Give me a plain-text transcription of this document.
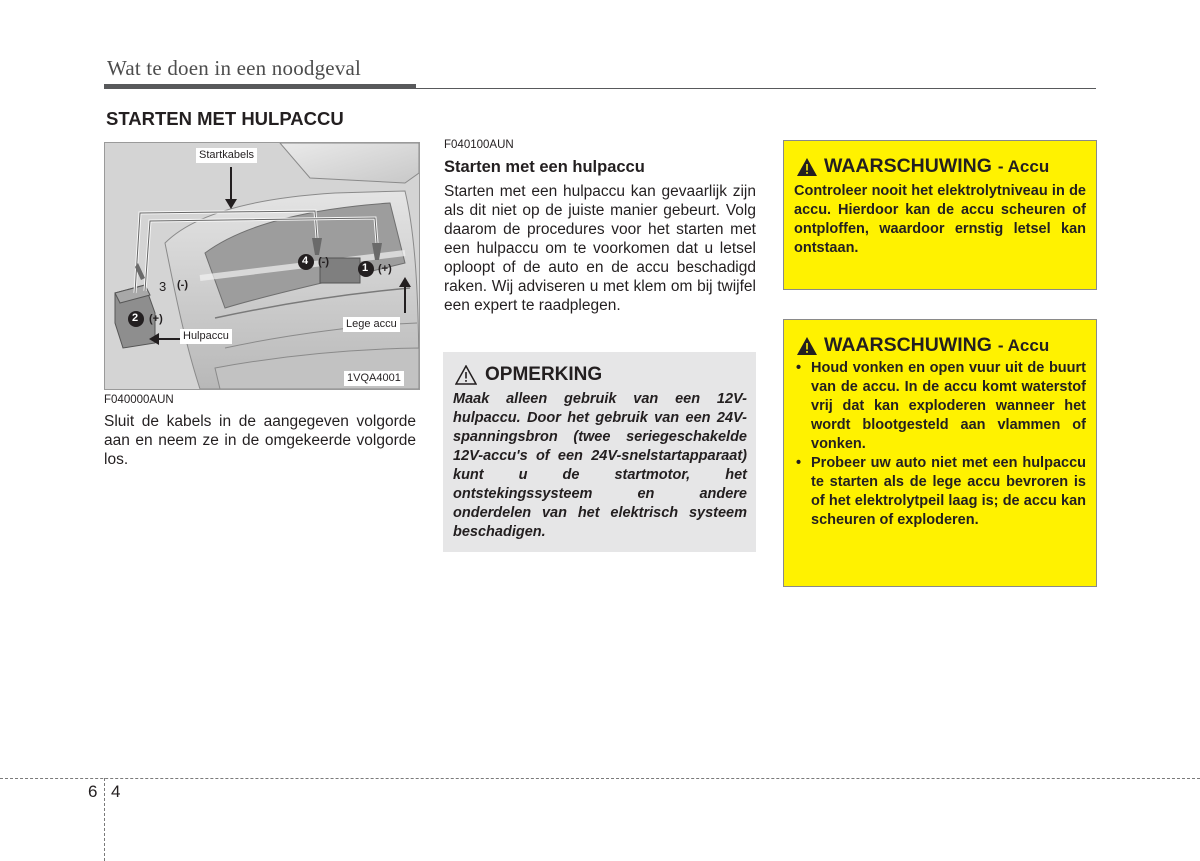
Wat te doen in een noodgeval
STARTEN MET HULPACCU
Startkabels
Hulpaccu
Lege accu
1VQA4001
1 (+)
4 (-)
3 (-)
2 (+)
F040000AUN
Sluit de kabels in de aangegeven volgorde aan en neem ze in de omgekeerde volgorde los.
F040100AUN
Starten met een hulpaccu
Starten met een hulpaccu kan gevaarlijk zijn als dit niet op de juiste manier gebeurt. Volg daarom de procedures voor het starten met een hulpaccu om te voorkomen dat u letsel oploopt of de auto en de accu beschadigd raken. Wij adviseren u met klem om bij twijfel een expert te raadplegen.
OPMERKING
Maak alleen gebruik van een 12V-hulpaccu. Door het gebruik van een 24V-spanningsbron (twee seriegeschakelde 12V-accu's of een 24V-snelstartapparaat) kunt u de startmotor, het ontstekingssysteem en andere onderdelen van het elektrisch systeem beschadigen.
WAARSCHUWING - Accu
Controleer nooit het elektrolytniveau in de accu. Hierdoor kan de accu scheuren of ontploffen, waardoor ernstig letsel kan ontstaan.
WAARSCHUWING - Accu
• Houd vonken en open vuur uit de buurt van de accu. In de accu komt waterstof vrij dat kan exploderen wanneer het wordt blootgesteld aan vlammen of vonken.
• Probeer uw auto niet met een hulpaccu te starten als de lege accu bevroren is of het elektrolytpeil laag is; de accu kan scheuren of exploderen.
6 4
